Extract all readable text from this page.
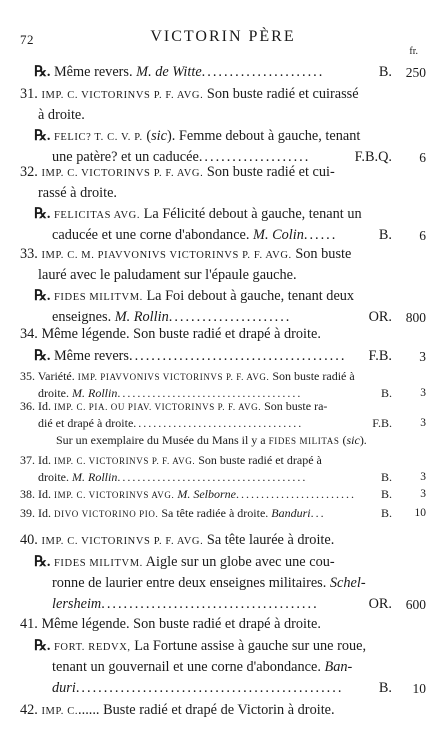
72	VICTORIN PÈRE
fr.
℞. Même revers. M. de Witte......................	B.	250
31. IMP. C. VICTORINVS P. F. AVG. Son buste radié et cuirassé
à droite.
℞. FELIC? T. C. V. P. (sic). Femme debout à gauche, tenant
une patère? et un caducée....................	F.B.Q.	6
32. IMP. C. VICTORINVS P. F. AVG. Son buste radié et cui-
rassé à droite.
℞. FELICITAS AVG. La Félicité debout à gauche, tenant un
caducée et une corne d'abondance. M. Colin......	B.	6
33. IMP. C. M. PIAVVONIVS VICTORINVS P. F. AVG. Son buste
lauré avec le paludament sur l'épaule gauche.
℞. FIDES MILITVM. La Foi debout à gauche, tenant deux
enseignes. M. Rollin......................	OR.	800
34. Même légende. Son buste radié et drapé à droite.
℞. Même revers....................................... F.B.	3
35. Variété. IMP. PIAVVONIVS VICTORINVS P. F. AVG. Son buste radié à
droite. M. Rollin.....................................	B.	3
36. Id. IMP. C. PIA. OU PIAV. VICTORINVS P. F. AVG. Son buste ra-
dié et drapé à droite..................................	F.B.	3
Sur un exemplaire du Musée du Mans il y a FIDES MILITAS (sic).
37. Id. IMP. C. VICTORINVS P. F. AVG. Son buste radié et drapé à
droite. M. Rollin......................................	B.	3
38. Id. IMP. C. VICTORINVS AVG. M. Selborne........................ B.	3
39. Id. DIVO VICTORINO PIO. Sa tête radiée à droite. Banduri...	B.	10
40. IMP. C. VICTORINVS P. F. AVG. Sa tête laurée à droite.
℞. FIDES MILITVM. Aigle sur un globe avec une cou-
ronne de laurier entre deux enseignes militaires. Schel-
lersheim.......................................	OR.	600
41. Même légende. Son buste radié et drapé à droite.
℞. FORT. REDVX, La Fortune assise à gauche sur une roue,
tenant un gouvernail et une corne d'abondance. Ban-
duri................................................ B.	10
42. IMP. C....... Buste radié et drapé de Victorin à droite.
